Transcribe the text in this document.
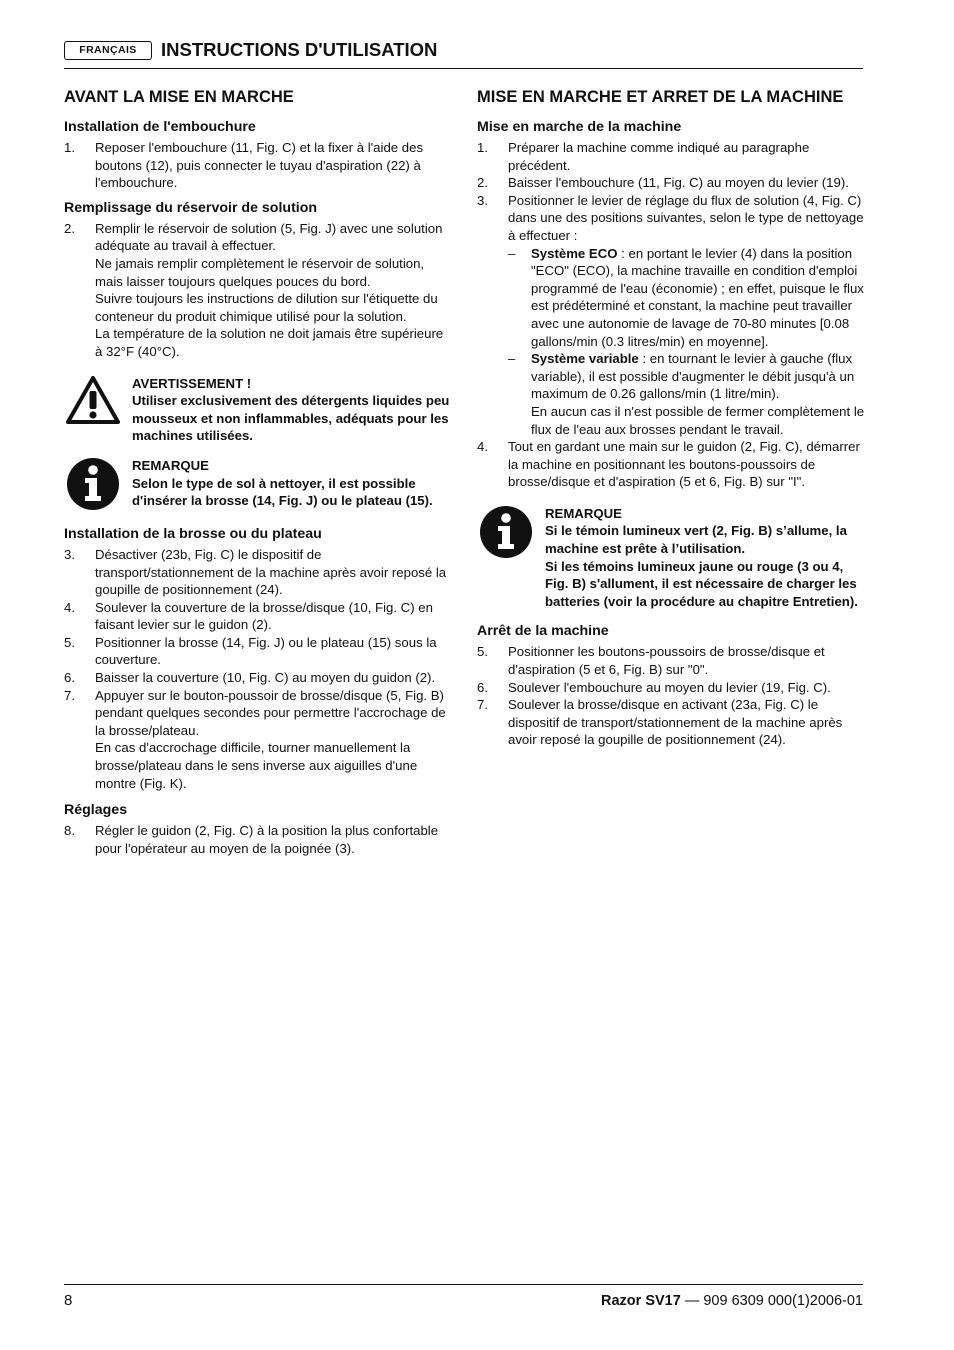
FRANÇAIS	INSTRUCTIONS D'UTILISATION
AVANT LA MISE EN MARCHE
Installation de l'embouchure
1. Reposer l'embouchure (11, Fig. C) et la fixer à l'aide des boutons (12), puis connecter le tuyau d'aspiration (22) à l'embouchure.

Remplissage du réservoir de solution
2. Remplir le réservoir de solution (5, Fig. J) avec une solution adéquate au travail à effectuer.

Ne jamais remplir complètement le réservoir de solution, mais laisser toujours quelques pouces du bord.

Suivre toujours les instructions de dilution sur l'étiquette du conteneur du produit chimique utilisé pour la solution.

La température de la solution ne doit jamais être supérieure à 32°F (40°C).

AVERTISSEMENT !

Utiliser exclusivement des détergents liquides peu mousseux et non inflammables, adéquats pour les machines utilisées.

REMARQUE

Selon le type de sol à nettoyer, il est possible d'insérer la brosse (14, Fig. J) ou le plateau (15).

Installation de la brosse ou du plateau
3. Désactiver (23b, Fig. C) le dispositif de transport/stationnement de la machine après avoir reposé la goupille de positionnement (24).

4. Soulever la couverture de la brosse/disque (10, Fig. C) en faisant levier sur le guidon (2).

5. Positionner la brosse (14, Fig. J) ou le plateau (15) sous la couverture.

6. Baisser la couverture (10, Fig. C) au moyen du guidon (2).

7. Appuyer sur le bouton-poussoir de brosse/disque (5, Fig. B) pendant quelques secondes pour permettre l'accrochage de la brosse/plateau.

En cas d'accrochage difficile, tourner manuellement la brosse/plateau dans le sens inverse aux aiguilles d'une montre (Fig. K).

Réglages
8. Régler le guidon (2, Fig. C) à la position la plus confortable pour l'opérateur au moyen de la poignée (3).

MISE EN MARCHE ET ARRET DE LA MACHINE
Mise en marche de la machine
1. Préparer la machine comme indiqué au paragraphe précédent.

2. Baisser l'embouchure (11, Fig. C) au moyen du levier (19).

3. Positionner le levier de réglage du flux de solution (4, Fig. C) dans une des positions suivantes, selon le type de nettoyage à effectuer :

– Système ECO : en portant le levier (4) dans la position "ECO" (ECO), la machine travaille en condition d'emploi programmé de l'eau (économie) ; en effet, puisque le flux est prédéterminé et constant, la machine peut travailler avec une autonomie de lavage de 70-80 minutes [0.08 gallons/min (0.3 litres/min) en moyenne].

– Système variable : en tournant le levier à gauche (flux variable), il est possible d'augmenter le débit jusqu'à un maximum de 0.26 gallons/min (1 litre/min).

En aucun cas il n'est possible de fermer complètement le flux de l'eau aux brosses pendant le travail.

4. Tout en gardant une main sur le guidon (2, Fig. C), démarrer la machine en positionnant les boutons-poussoirs de brosse/disque et d'aspiration (5 et 6, Fig. B) sur "I".

REMARQUE

Si le témoin lumineux vert (2, Fig. B) s’allume, la machine est prête à l’utilisation.

Si les témoins lumineux jaune ou rouge (3 ou 4, Fig. B) s'allument, il est nécessaire de charger les batteries (voir la procédure au chapitre Entretien).

Arrêt de la machine
5. Positionner les boutons-poussoirs de brosse/disque et d'aspiration (5 et 6, Fig. B) sur "0".

6. Soulever l'embouchure au moyen du levier (19, Fig. C).

7. Soulever la brosse/disque en activant (23a, Fig. C) le dispositif de transport/stationnement de la machine après avoir reposé la goupille de positionnement (24).

8	Razor SV17 — 909 6309 000(1)2006-01
